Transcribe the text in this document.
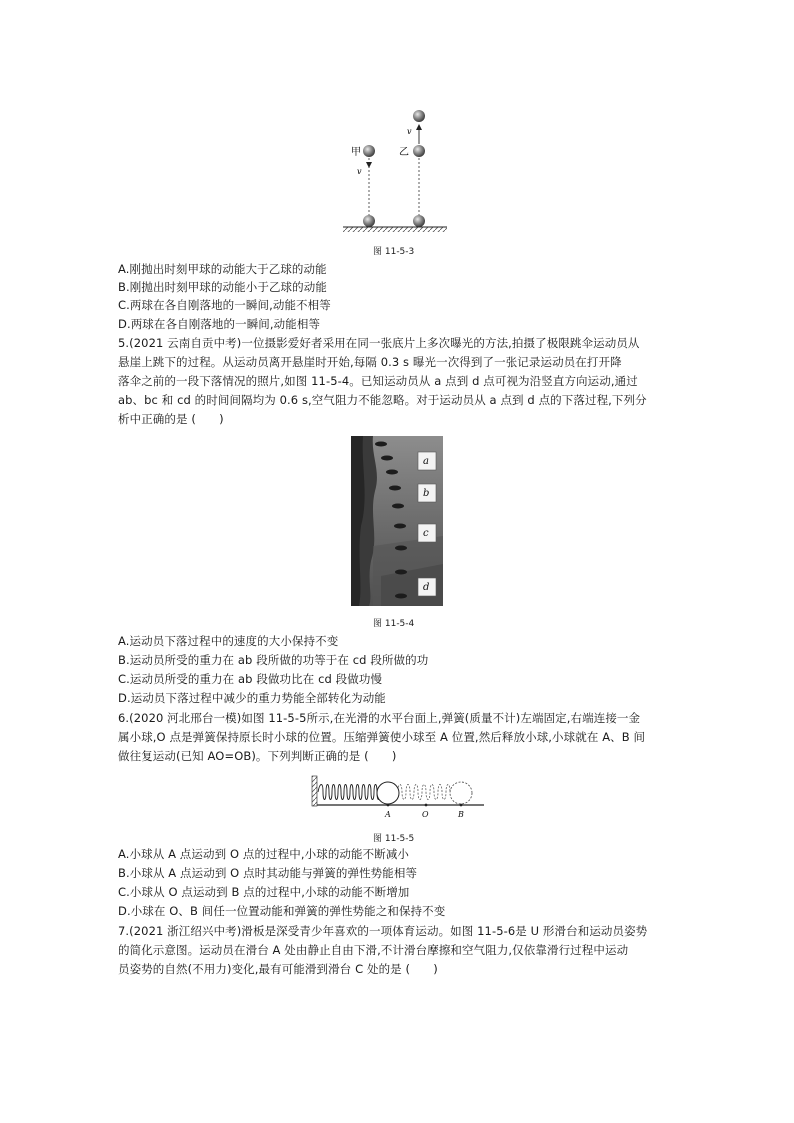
甲	乙
v
v
图 11-5-3
A.刚抛出时刻甲球的动能大于乙球的动能
B.刚抛出时刻甲球的动能小于乙球的动能
C.两球在各自刚落地的一瞬间,动能不相等
D.两球在各自刚落地的一瞬间,动能相等
5.(2021 云南自贡中考)一位摄影爱好者采用在同一张底片上多次曝光的方法,拍摄了极限跳伞运动员从
悬崖上跳下的过程。从运动员离开悬崖时开始,每隔 0.3 s 曝光一次得到了一张记录运动员在打开降
落伞之前的一段下落情况的照片,如图 11-5-4。已知运动员从 a 点到 d 点可视为沿竖直方向运动,通过
ab、bc 和 cd 的时间间隔均为 0.6 s,空气阻力不能忽略。对于运动员从 a 点到 d 点的下落过程,下列分
析中正确的是 (　　)
a
b
c
d
图 11-5-4
A.运动员下落过程中的速度的大小保持不变
B.运动员所受的重力在 ab 段所做的功等于在 cd 段所做的功
C.运动员所受的重力在 ab 段做功比在 cd 段做功慢
D.运动员下落过程中减少的重力势能全部转化为动能
6.(2020 河北邢台一模)如图 11-5-5所示,在光滑的水平台面上,弹簧(质量不计)左端固定,右端连接一金
属小球,O 点是弹簧保持原长时小球的位置。压缩弹簧使小球至 A 位置,然后释放小球,小球就在 A、B 间
做往复运动(已知 AO=OB)。下列判断正确的是 (　　)
A	O	B
图 11-5-5
A.小球从 A 点运动到 O 点的过程中,小球的动能不断减小
B.小球从 A 点运动到 O 点时其动能与弹簧的弹性势能相等
C.小球从 O 点运动到 B 点的过程中,小球的动能不断增加
D.小球在 O、B 间任一位置动能和弹簧的弹性势能之和保持不变
7.(2021 浙江绍兴中考)滑板是深受青少年喜欢的一项体育运动。如图 11-5-6是 U 形滑台和运动员姿势
的简化示意图。运动员在滑台 A 处由静止自由下滑,不计滑台摩擦和空气阻力,仅依靠滑行过程中运动
员姿势的自然(不用力)变化,最有可能滑到滑台 C 处的是 (　　)
